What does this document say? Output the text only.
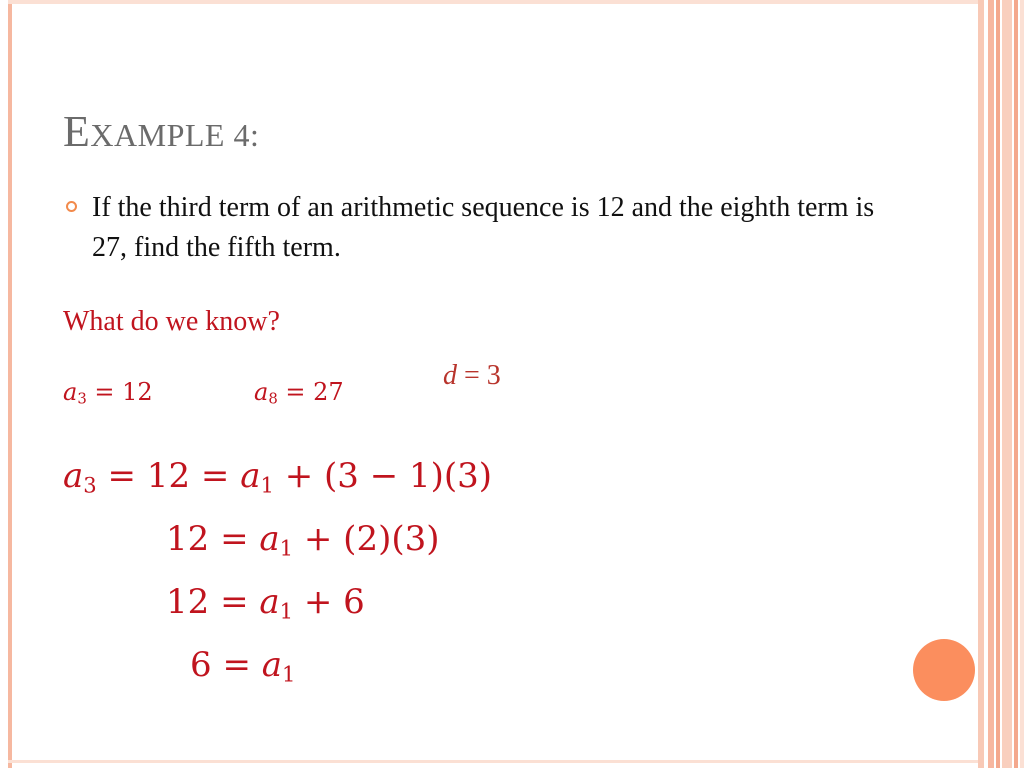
EXAMPLE 4:
If the third term of an arithmetic sequence is 12 and the eighth term is 27, find the fifth term.
What do we know?
$a_3 = 12$	$a_8 = 27$
d = 3
$a_3 = 12 = a_1 + (3 - 1)(3)$
$12 = a_1 + (2)(3)$
$12 = a_1 + 6$
$6 = a_1$
